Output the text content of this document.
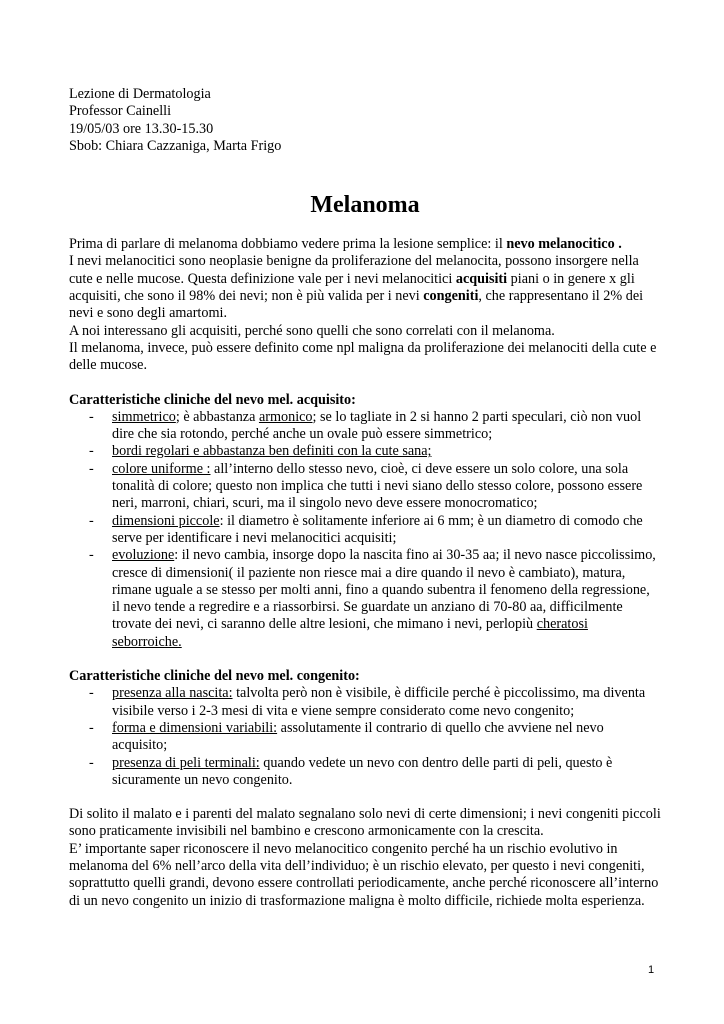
Lezione di Dermatologia
Professor Cainelli
19/05/03 ore 13.30-15.30
Sbob: Chiara Cazzaniga, Marta Frigo
Melanoma

Prima di parlare di melanoma dobbiamo vedere prima la lesione semplice: il nevo melanocitico .

I nevi melanocitici sono neoplasie benigne da proliferazione del melanocita, possono insorgere nella cute e nelle mucose. Questa definizione vale per i nevi melanocitici acquisiti piani o in genere x gli acquisiti, che sono il 98% dei nevi; non è più valida per i nevi congeniti, che rappresentano il 2% dei nevi e sono degli amartomi.

A noi interessano gli acquisiti, perché sono quelli che sono correlati con il melanoma.

Il melanoma, invece, può essere definito come npl maligna da proliferazione dei melanociti della cute e delle mucose.

Caratteristiche cliniche del nevo mel. acquisito:

- simmetrico; è abbastanza armonico; se lo tagliate in 2 si hanno 2 parti speculari, ciò non vuol dire che sia rotondo, perché anche un ovale può essere simmetrico;
- bordi regolari e abbastanza ben definiti con la cute sana;
- colore uniforme : all’interno dello stesso nevo, cioè, ci deve essere un solo colore, una sola tonalità di colore; questo non implica che tutti i nevi siano dello stesso colore, possono essere neri, marroni, chiari, scuri, ma il singolo nevo deve essere monocromatico;
- dimensioni piccole: il diametro è solitamente inferiore ai 6 mm; è un diametro di comodo che serve per identificare i nevi melanocitici acquisiti;
- evoluzione: il nevo cambia, insorge dopo la nascita fino ai 30-35 aa; il nevo nasce piccolissimo, cresce di dimensioni( il paziente non riesce mai a dire quando il nevo è cambiato), matura, rimane uguale a se stesso per molti anni, fino a quando subentra il fenomeno della regressione, il nevo tende a regredire e a riassorbirsi. Se guardate un anziano di 70-80 aa, difficilmente trovate dei nevi, ci saranno delle altre lesioni, che mimano i nevi, perlopiù cheratosi seborroiche.

Caratteristiche cliniche del nevo mel. congenito:

- presenza alla nascita: talvolta però non è visibile, è difficile perché è piccolissimo, ma diventa visibile verso i 2-3 mesi di vita e viene sempre considerato come nevo congenito;
- forma e dimensioni variabili: assolutamente il contrario di quello che avviene nel nevo acquisito;
- presenza di peli terminali: quando vedete un nevo con dentro delle parti di peli, questo è sicuramente un nevo congenito.

Di solito il malato e i parenti del malato segnalano solo nevi di certe dimensioni; i nevi congeniti piccoli sono praticamente invisibili nel bambino e crescono armonicamente con la crescita.

E’ importante saper riconoscere il nevo melanocitico congenito perché ha un rischio evolutivo in melanoma del 6% nell’arco della vita dell’individuo; è un rischio elevato, per questo i nevi congeniti, soprattutto quelli grandi, devono essere controllati periodicamente, anche perché riconoscere all’interno di un nevo congenito un inizio di trasformazione maligna è molto difficile, richiede molta esperienza.

1
